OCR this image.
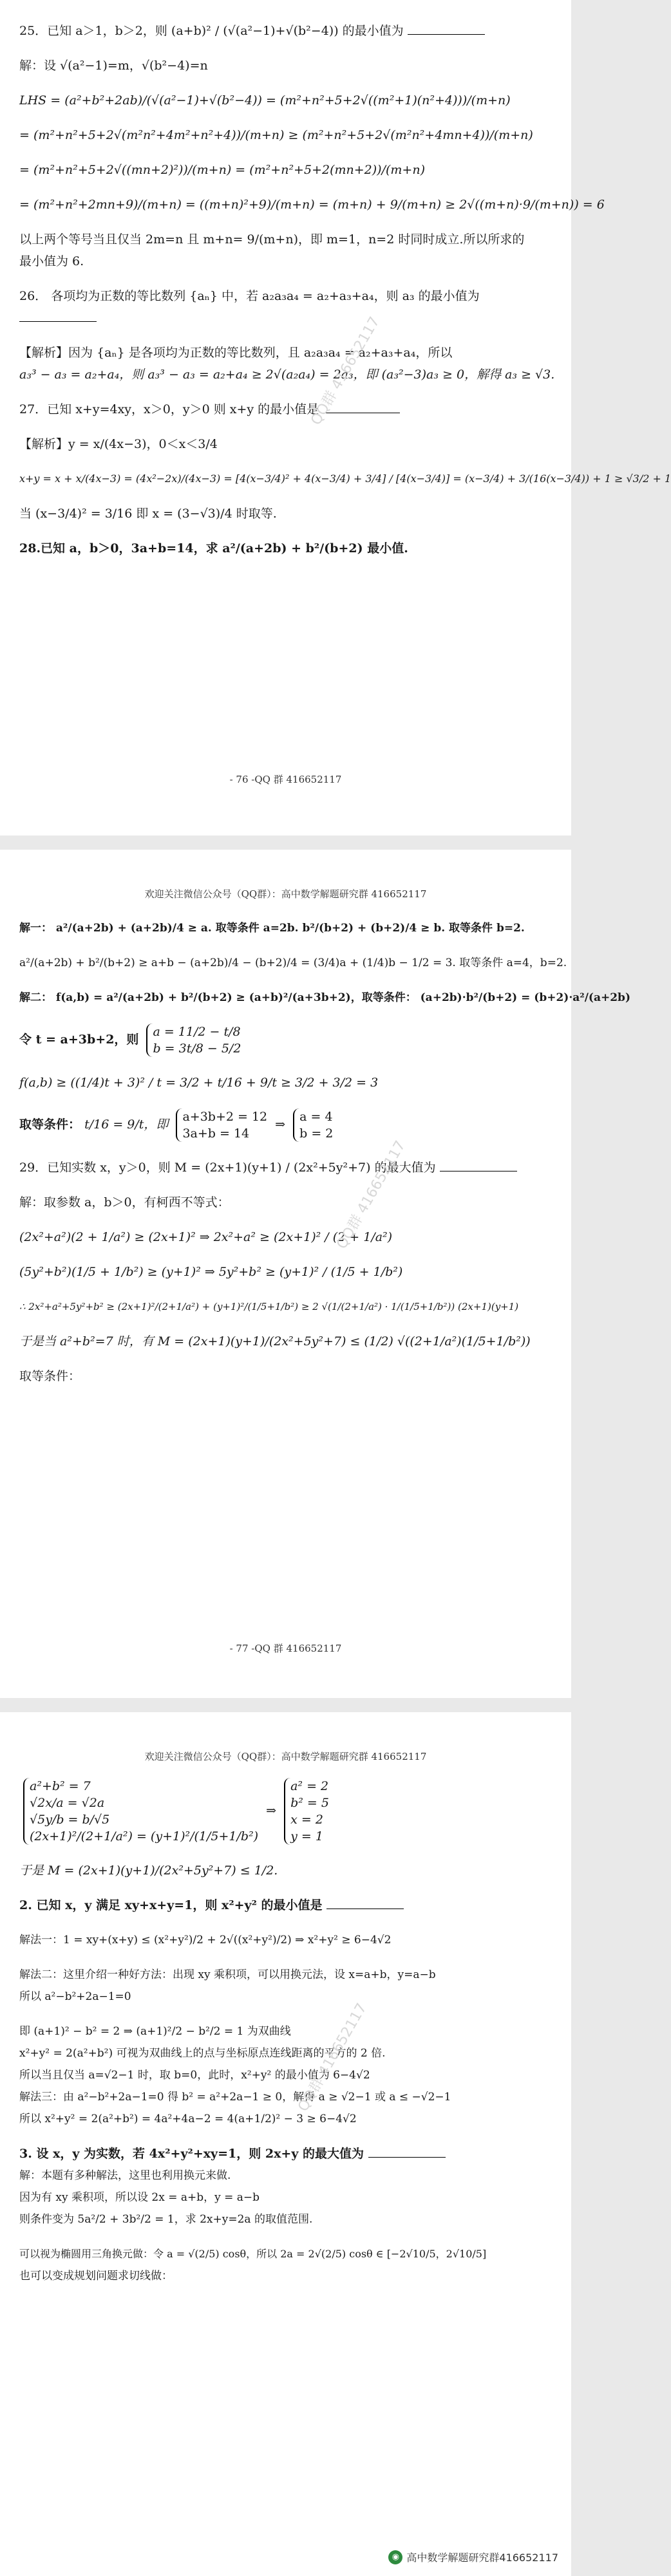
25．已知 a＞1，b＞2，则 (a+b)² / (√(a²−1)+√(b²−4)) 的最小值为
解：设 √(a²−1)=m，√(b²−4)=n
LHS = (a²+b²+2ab)/(√(a²−1)+√(b²−4)) = (m²+n²+5+2√((m²+1)(n²+4)))/(m+n)
= (m²+n²+5+2√(m²n²+4m²+n²+4))/(m+n) ≥ (m²+n²+5+2√(m²n²+4mn+4))/(m+n)
= (m²+n²+5+2√((mn+2)²))/(m+n) = (m²+n²+5+2(mn+2))/(m+n)
= (m²+n²+2mn+9)/(m+n) = ((m+n)²+9)/(m+n) = (m+n) + 9/(m+n) ≥ 2√((m+n)·9/(m+n)) = 6
以上两个等号当且仅当 2m=n 且 m+n= 9/(m+n)，即 m=1，n=2 时同时成立.所以所求的
最小值为 6.
26． 各项均为正数的等比数列 {aₙ} 中，若 a₂a₃a₄ = a₂+a₃+a₄，则 a₃ 的最小值为
【解析】因为 {aₙ} 是各项均为正数的等比数列，且 a₂a₃a₄ = a₂+a₃+a₄，所以
a₃³ − a₃ = a₂+a₄，则 a₃³ − a₃ = a₂+a₄ ≥ 2√(a₂a₄) = 2a₃，即 (a₃²−3)a₃ ≥ 0，解得 a₃ ≥ √3.
27．已知 x+y=4xy，x＞0，y＞0 则 x+y 的最小值是
【解析】y = x/(4x−3)，0＜x＜3/4
x+y = x + x/(4x−3) = (4x²−2x)/(4x−3) = [4(x−3/4)² + 4(x−3/4) + 3/4] / [4(x−3/4)] = (x−3/4) + 3/(16(x−3/4)) + 1 ≥ √3/2 + 1
当 (x−3/4)² = 3/16 即 x = (3−√3)/4 时取等.
28.已知 a，b＞0，3a+b=14，求 a²/(a+2b) + b²/(b+2) 最小值.
- 76 -QQ 群 416652117
QQ群 416652117
欢迎关注微信公众号（QQ群）：高中数学解题研究群 416652117
解一： a²/(a+2b) + (a+2b)/4 ≥ a. 取等条件 a=2b. b²/(b+2) + (b+2)/4 ≥ b. 取等条件 b=2.
a²/(a+2b) + b²/(b+2) ≥ a+b − (a+2b)/4 − (b+2)/4 = (3/4)a + (1/4)b − 1/2 = 3. 取等条件 a=4，b=2.
解二： f(a,b) = a²/(a+2b) + b²/(b+2) ≥ (a+b)²/(a+3b+2)，取等条件： (a+2b)·b²/(b+2) = (b+2)·a²/(a+2b)
令 t = a+3b+2，则
a = 11/2 − t/8
b = 3t/8 − 5/2
f(a,b) ≥ ((1/4)t + 3)² / t = 3/2 + t/16 + 9/t ≥ 3/2 + 3/2 = 3
取等条件： t/16 = 9/t，即
a+3b+2 = 12
3a+b = 14
⇒
a = 4
b = 2
29．已知实数 x，y＞0，则 M = (2x+1)(y+1) / (2x²+5y²+7) 的最大值为
解：取参数 a，b＞0，有柯西不等式：
(2x²+a²)(2 + 1/a²) ≥ (2x+1)² ⇒ 2x²+a² ≥ (2x+1)² / (2 + 1/a²)
(5y²+b²)(1/5 + 1/b²) ≥ (y+1)² ⇒ 5y²+b² ≥ (y+1)² / (1/5 + 1/b²)
∴ 2x²+a²+5y²+b² ≥ (2x+1)²/(2+1/a²) + (y+1)²/(1/5+1/b²) ≥ 2 √(1/(2+1/a²) · 1/(1/5+1/b²)) (2x+1)(y+1)
于是当 a²+b²=7 时，有 M = (2x+1)(y+1)/(2x²+5y²+7) ≤ (1/2) √((2+1/a²)(1/5+1/b²))
取等条件：
- 77 -QQ 群 416652117
QQ群 416652117
欢迎关注微信公众号（QQ群）：高中数学解题研究群 416652117
a²+b² = 7
√2x/a = √2a
√5y/b = b/√5
(2x+1)²/(2+1/a²) = (y+1)²/(1/5+1/b²)
⇒
a² = 2
b² = 5
x = 2
y = 1
于是 M = (2x+1)(y+1)/(2x²+5y²+7) ≤ 1/2.
2. 已知 x，y 满足 xy+x+y=1，则 x²+y² 的最小值是
解法一：1 = xy+(x+y) ≤ (x²+y²)/2 + 2√((x²+y²)/2) ⇒ x²+y² ≥ 6−4√2
解法二：这里介绍一种好方法：出现 xy 乘积项，可以用换元法，设 x=a+b，y=a−b
所以 a²−b²+2a−1=0
即 (a+1)² − b² = 2 ⇒ (a+1)²/2 − b²/2 = 1 为双曲线
x²+y² = 2(a²+b²) 可视为双曲线上的点与坐标原点连线距离的平方的 2 倍.
所以当且仅当 a=√2−1 时，取 b=0，此时，x²+y² 的最小值为 6−4√2
解法三：由 a²−b²+2a−1=0 得 b² = a²+2a−1 ≥ 0，解得 a ≥ √2−1 或 a ≤ −√2−1
所以 x²+y² = 2(a²+b²) = 4a²+4a−2 = 4(a+1/2)² − 3 ≥ 6−4√2
3. 设 x，y 为实数，若 4x²+y²+xy=1，则 2x+y 的最大值为
解：本题有多种解法，这里也利用换元来做.
因为有 xy 乘积项，所以设 2x = a+b，y = a−b
则条件变为 5a²/2 + 3b²/2 = 1，求 2x+y=2a 的取值范围.
可以视为椭圆用三角换元做：令 a = √(2/5) cosθ，所以 2a = 2√(2/5) cosθ ∈ [−2√10/5，2√10/5]
也可以变成规划问题求切线做：
QQ群 416652117
◉ 高中数学解题研究群416652117
